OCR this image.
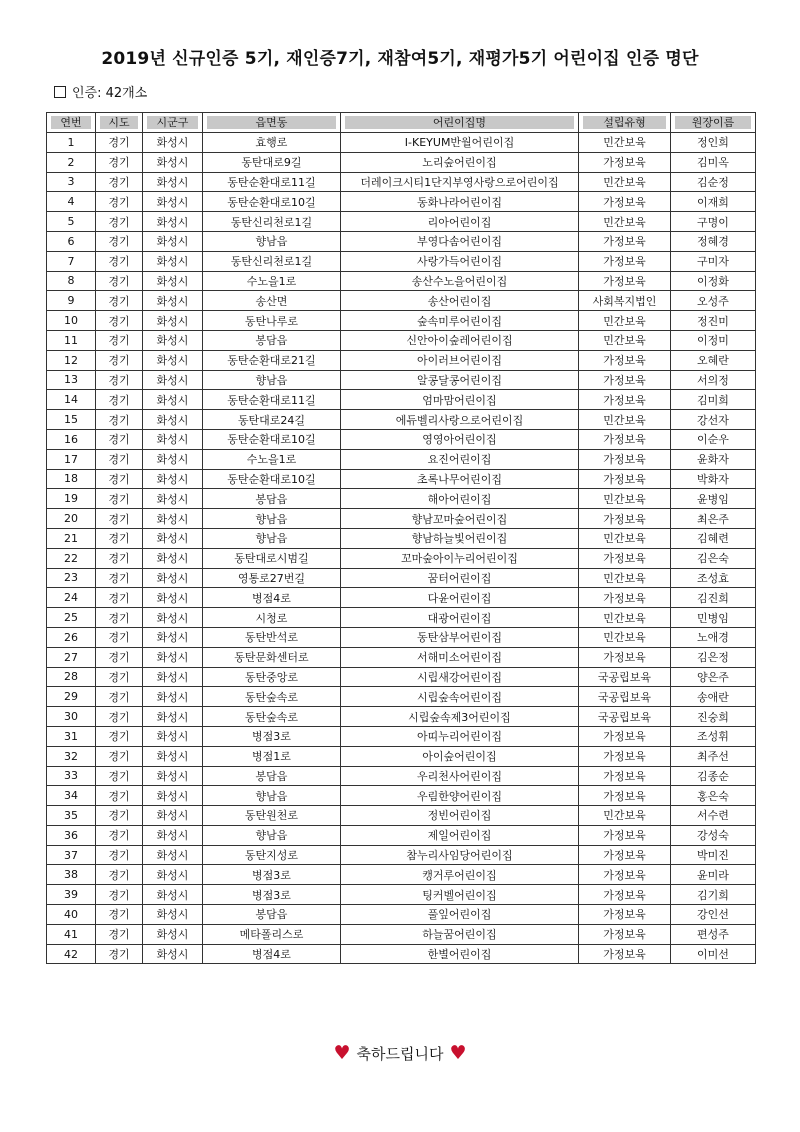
2019년 신규인증 5기, 재인증7기, 재참여5기, 재평가5기 어린이집 인증 명단
인증: 42개소
연번	시도	시군구	읍면동	어린이집명	설립유형	원장이름

1	경기	화성시	효행로	I-KEYUM반월어린이집	민간보육	정인희
2	경기	화성시	동탄대로9길	노리숲어린이집	가정보육	김미옥
3	경기	화성시	동탄순환대로11길	더레이크시티1단지부영사랑으로어린이집	민간보육	김순정
4	경기	화성시	동탄순환대로10길	동화나라어린이집	가정보육	이재희
5	경기	화성시	동탄신리천로1길	리아어린이집	민간보육	구명이
6	경기	화성시	향남읍	부영다솜어린이집	가정보육	정혜경
7	경기	화성시	동탄신리천로1길	사랑가득어린이집	가정보육	구미자
8	경기	화성시	수노을1로	송산수노을어린이집	가정보육	이정화
9	경기	화성시	송산면	송산어린이집	사회복지법인	오성주
10	경기	화성시	동탄나루로	숲속미루어린이집	민간보육	정진미
11	경기	화성시	봉담읍	신안아이숲레어린이집	민간보육	이정미
12	경기	화성시	동탄순환대로21길	아이러브어린이집	가정보육	오혜란
13	경기	화성시	향남읍	알콩달콩어린이집	가정보육	서의정
14	경기	화성시	동탄순환대로11길	엄마맘어린이집	가정보육	김미희
15	경기	화성시	동탄대로24길	에듀벨리사랑으로어린이집	민간보육	강선자
16	경기	화성시	동탄순환대로10길	영영아어린이집	가정보육	이순우
17	경기	화성시	수노을1로	요진어린이집	가정보육	윤화자
18	경기	화성시	동탄순환대로10길	초록나무어린이집	가정보육	박화자
19	경기	화성시	봉담읍	해아어린이집	민간보육	윤병임
20	경기	화성시	향남읍	향남꼬마숲어린이집	가정보육	최은주
21	경기	화성시	향남읍	향남하늘빛어린이집	민간보육	김혜련
22	경기	화성시	동탄대로시범길	꼬마숲아이누리어린이집	가정보육	김은숙
23	경기	화성시	영통로27번길	꿈터어린이집	민간보육	조성효
24	경기	화성시	병점4로	다윤어린이집	가정보육	김진희
25	경기	화성시	시청로	대광어린이집	민간보육	민병임
26	경기	화성시	동탄반석로	동탄삼부어린이집	민간보육	노애경
27	경기	화성시	동탄문화센터로	서해미소어린이집	가정보육	김은정
28	경기	화성시	동탄중앙로	시립새강어린이집	국공립보육	양은주
29	경기	화성시	동탄숲속로	시립숲속어린이집	국공립보육	송애란
30	경기	화성시	동탄숲속로	시립숲속제3어린이집	국공립보육	진숭희
31	경기	화성시	병점3로	아띠누리어린이집	가정보육	조성휘
32	경기	화성시	병점1로	아이숲어린이집	가정보육	최주선
33	경기	화성시	봉담읍	우리천사어린이집	가정보육	김종순
34	경기	화성시	향남읍	우림한양어린이집	가정보육	홍은숙
35	경기	화성시	동탄원천로	정빈어린이집	민간보육	서수련
36	경기	화성시	향남읍	제일어린이집	가정보육	강성숙
37	경기	화성시	동탄지성로	참누리사임당어린이집	가정보육	박미진
38	경기	화성시	병점3로	캥거루어린이집	가정보육	윤미라
39	경기	화성시	병점3로	팅커벨어린이집	가정보육	김기희
40	경기	화성시	봉담읍	풀잎어린이집	가정보육	강인선
41	경기	화성시	메타폴리스로	하늘꿈어린이집	가정보육	편성주
42	경기	화성시	병점4로	한별어린이집	가정보육	이미선
♥ 축하드립니다 ♥
